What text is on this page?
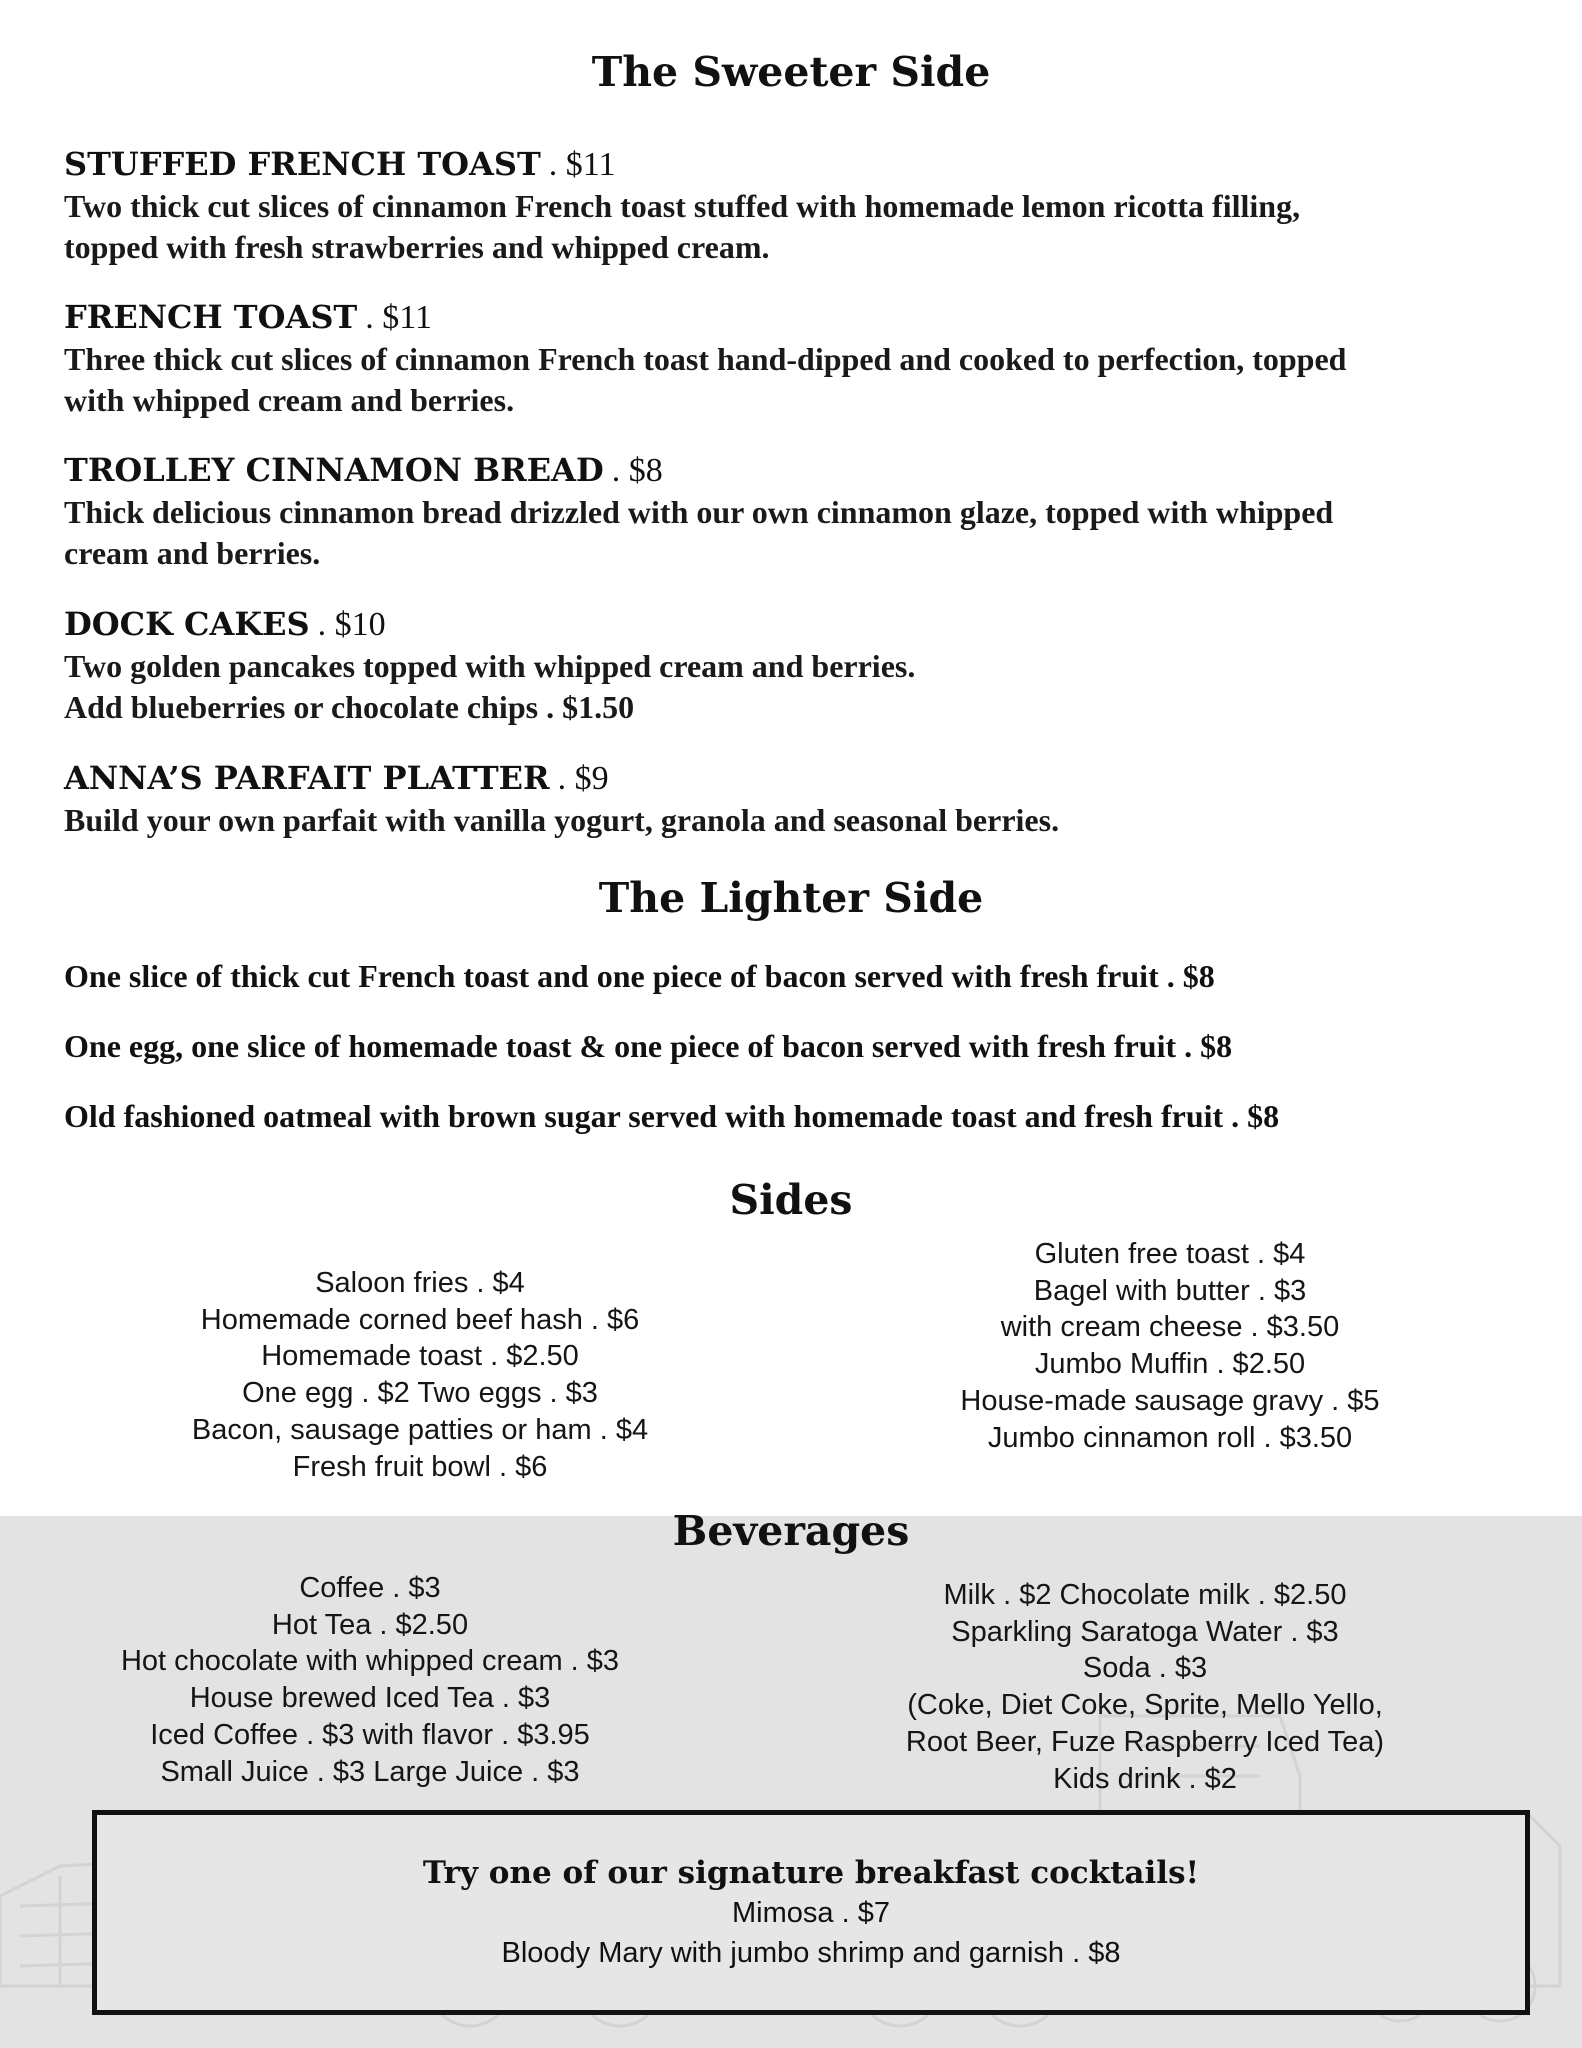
The Sweeter Side
STUFFED FRENCH TOAST . $11
Two thick cut slices of cinnamon French toast stuffed with homemade lemon ricotta filling,
topped with fresh strawberries and whipped cream.
FRENCH TOAST . $11
Three thick cut slices of cinnamon French toast hand-dipped and cooked to perfection, topped
with whipped cream and berries.
TROLLEY CINNAMON BREAD . $8
Thick delicious cinnamon bread drizzled with our own cinnamon glaze, topped with whipped
cream and berries.
DOCK CAKES . $10
Two golden pancakes topped with whipped cream and berries.
Add blueberries or chocolate chips . $1.50
ANNA’S PARFAIT PLATTER . $9
Build your own parfait with vanilla yogurt, granola and seasonal berries.
The Lighter Side
One slice of thick cut French toast and one piece of bacon served with fresh fruit . $8
One egg, one slice of homemade toast & one piece of bacon served with fresh fruit . $8
Old fashioned oatmeal with brown sugar served with homemade toast and fresh fruit . $8
Sides
Saloon fries . $4
Homemade corned beef hash . $6
Homemade toast . $2.50
One egg . $2 Two eggs . $3
Bacon, sausage patties or ham . $4
Fresh fruit bowl . $6
Gluten free toast . $4
Bagel with butter . $3
with cream cheese . $3.50
Jumbo Muffin . $2.50
House-made sausage gravy . $5
Jumbo cinnamon roll . $3.50
Beverages
Coffee . $3
Hot Tea . $2.50
Hot chocolate with whipped cream . $3
House brewed Iced Tea . $3
Iced Coffee . $3 with flavor . $3.95
Small Juice . $3 Large Juice . $3
Milk . $2 Chocolate milk . $2.50
Sparkling Saratoga Water . $3
Soda . $3
(Coke, Diet Coke, Sprite, Mello Yello,
Root Beer, Fuze Raspberry Iced Tea)
Kids drink . $2
Try one of our signature breakfast cocktails!
Mimosa . $7
Bloody Mary with jumbo shrimp and garnish . $8
